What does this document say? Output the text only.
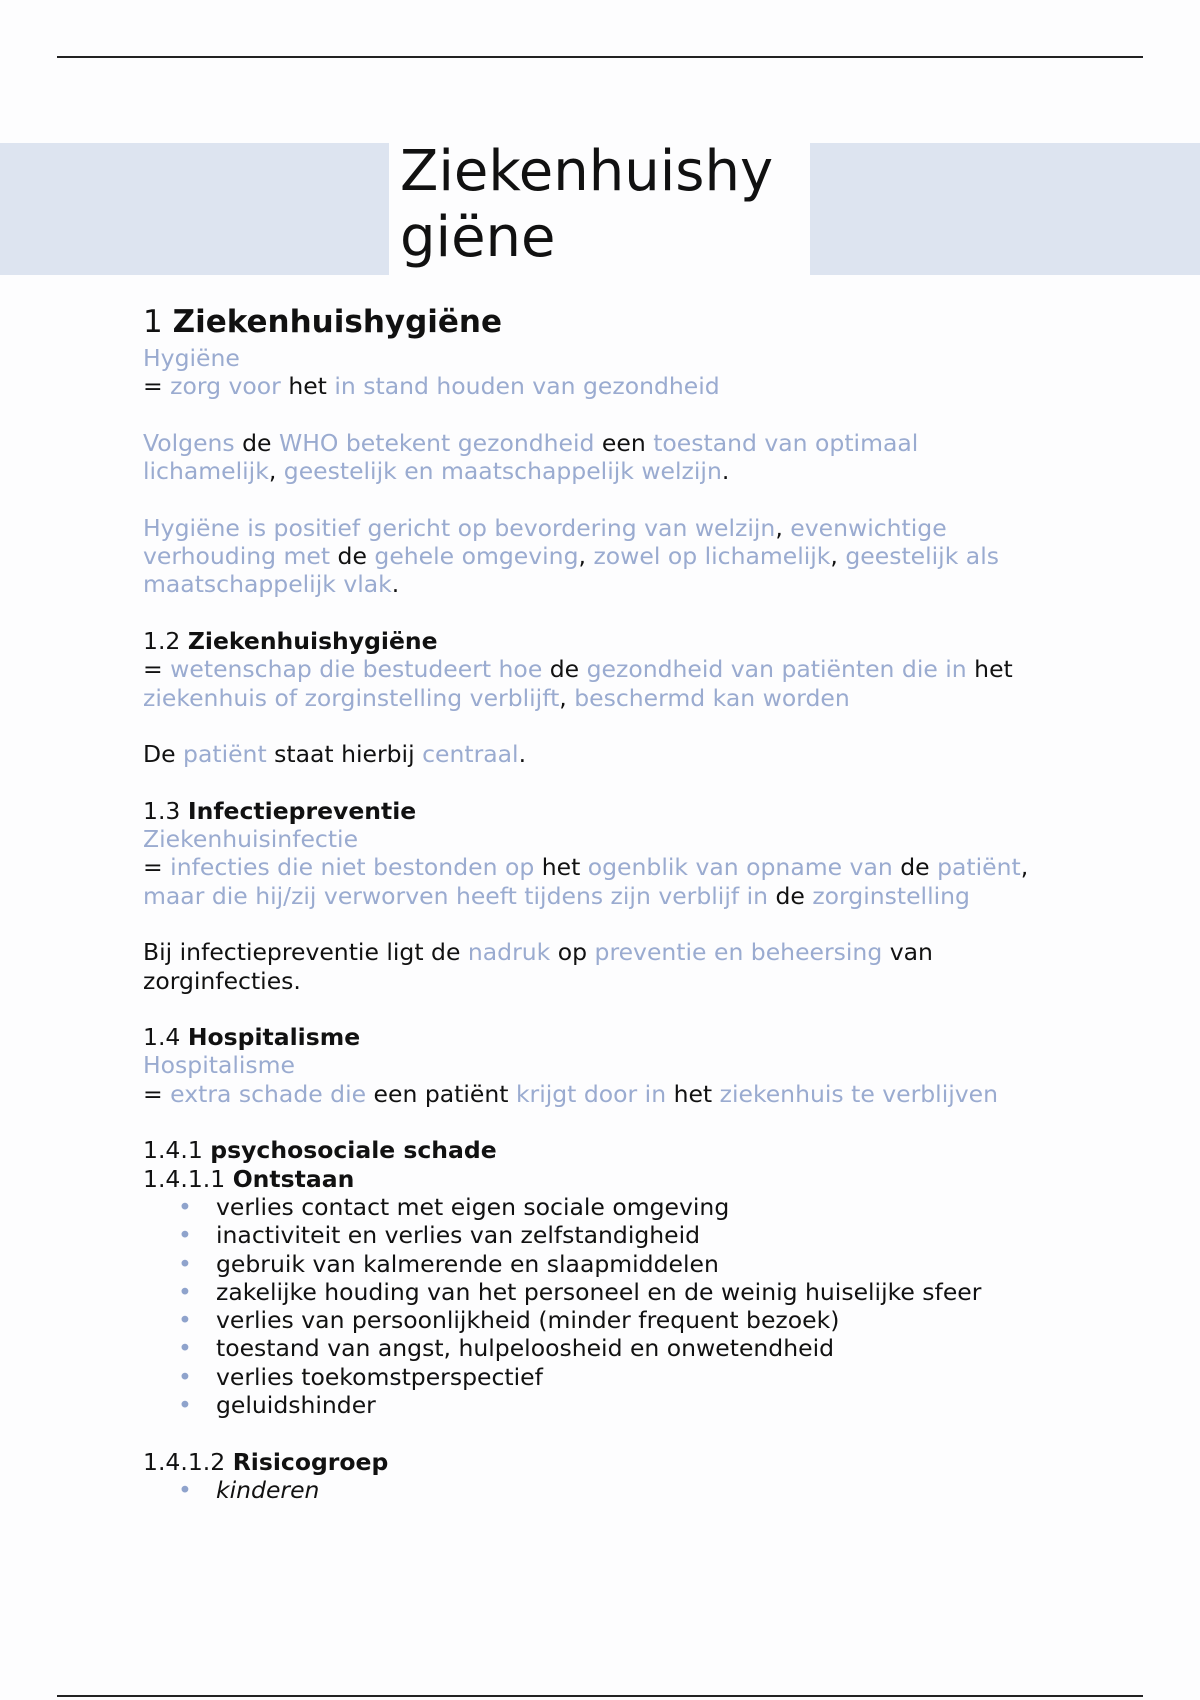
Ziekenhuishygiëne
1 Ziekenhuishygiëne

Hygiëne

= zorg voor het in stand houden van gezondheid

Volgens de WHO betekent gezondheid een toestand van optimaal
lichamelijk, geestelijk en maatschappelijk welzijn.

Hygiëne is positief gericht op bevordering van welzijn, evenwichtige
verhouding met de gehele omgeving, zowel op lichamelijk, geestelijk als
maatschappelijk vlak.

1.2 Ziekenhuishygiëne

= wetenschap die bestudeert hoe de gezondheid van patiënten die in het
ziekenhuis of zorginstelling verblijft, beschermd kan worden

De patiënt staat hierbij centraal.

1.3 Infectiepreventie

Ziekenhuisinfectie

= infecties die niet bestonden op het ogenblik van opname van de patiënt,
maar die hij/zij verworven heeft tijdens zijn verblijf in de zorginstelling

Bij infectiepreventie ligt de nadruk op preventie en beheersing van
zorginfecties.

1.4 Hospitalisme

Hospitalisme

= extra schade die een patiënt krijgt door in het ziekenhuis te verblijven

1.4.1 psychosociale schade

1.4.1.1 Ontstaan

• verlies contact met eigen sociale omgeving
• inactiviteit en verlies van zelfstandigheid
• gebruik van kalmerende en slaapmiddelen
• zakelijke houding van het personeel en de weinig huiselijke sfeer
• verlies van persoonlijkheid (minder frequent bezoek)
• toestand van angst, hulpeloosheid en onwetendheid
• verlies toekomstperspectief
• geluidshinder

1.4.1.2 Risicogroep

• kinderen
